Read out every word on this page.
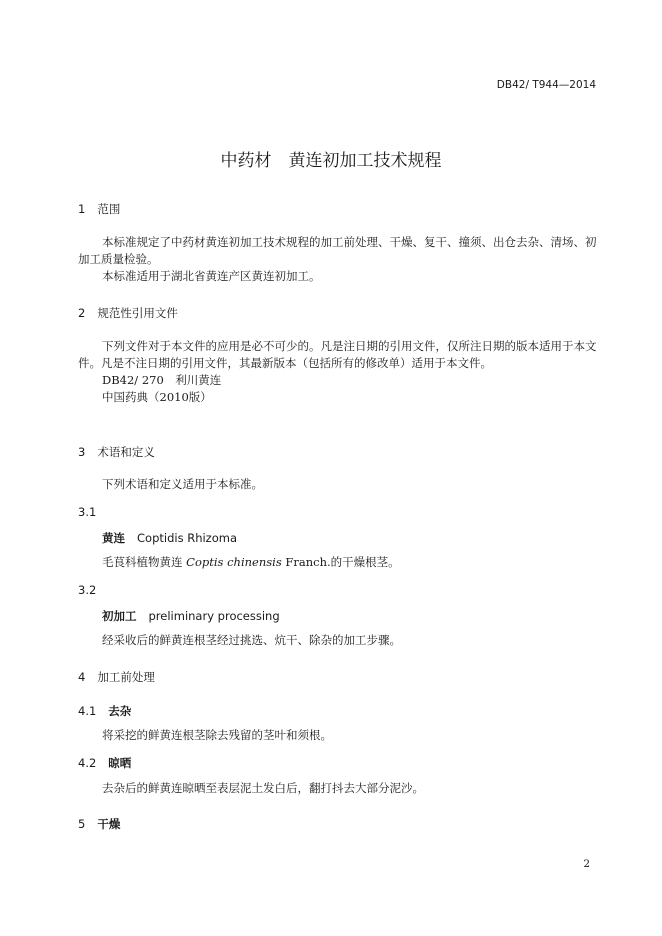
DB42/ T944—2014
中药材　黄连初加工技术规程
1 范围
本标准规定了中药材黄连初加工技术规程的加工前处理、干燥、复干、撞须、出仓去杂、清场、初
加工质量检验。
本标准适用于湖北省黄连产区黄连初加工。
2 规范性引用文件
下列文件对于本文件的应用是必不可少的。凡是注日期的引用文件，仅所注日期的版本适用于本文
件。凡是不注日期的引用文件，其最新版本（包括所有的修改单）适用于本文件。
DB42/ 270　利川黄连
中国药典（2010版）
3 术语和定义
下列术语和定义适用于本标准。
3.1
黄连 Coptidis Rhizoma
毛茛科植物黄连 Coptis chinensis Franch.的干燥根茎。
3.2
初加工 preliminary processing
经采收后的鲜黄连根茎经过挑选、炕干、除杂的加工步骤。
4 加工前处理
4.1 去杂
将采挖的鲜黄连根茎除去残留的茎叶和须根。
4.2 晾晒
去杂后的鲜黄连晾晒至表层泥土发白后，翻打抖去大部分泥沙。
5 干燥
2
